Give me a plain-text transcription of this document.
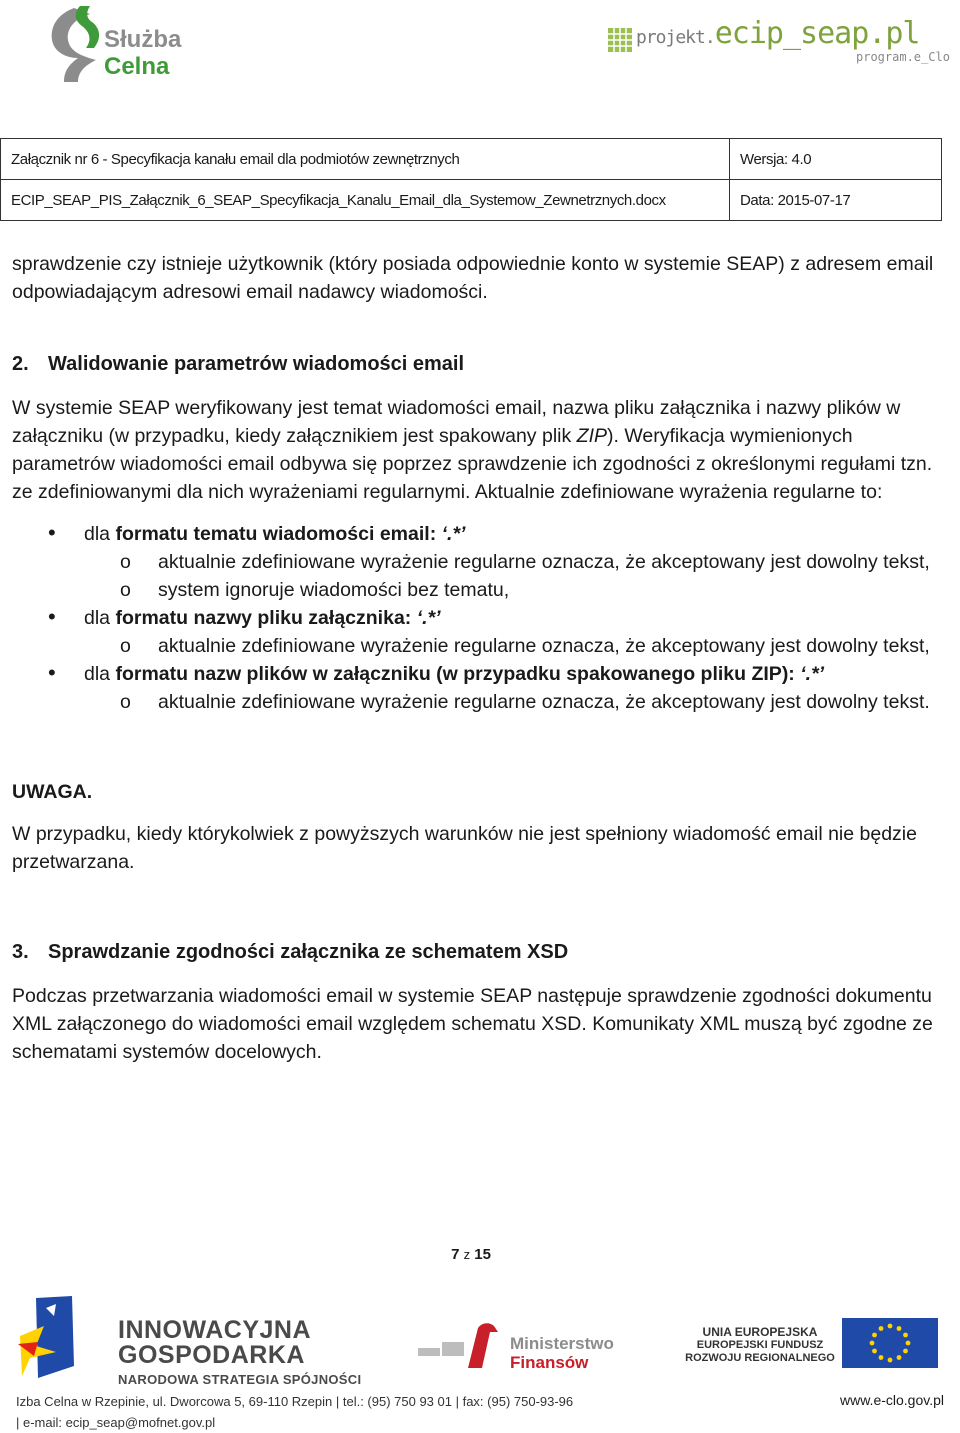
Służba
Celna
projekt.ecip_seap.pl
program.e_Clo
Załącznik nr 6 - Specyfikacja kanału email dla podmiotów zewnętrznych	Wersja: 4.0
ECIP_SEAP_PIS_Załącznik_6_SEAP_Specyfikacja_Kanalu_Email_dla_Systemow_Zewnetrznych.docx	Data: 2015-07-17

sprawdzenie czy istnieje użytkownik (który posiada odpowiednie konto w systemie SEAP) z adresem email odpowiadającym adresowi email nadawcy wiadomości.

2. Walidowanie parametrów wiadomości email

W systemie SEAP weryfikowany jest temat wiadomości email, nazwa pliku załącznika i nazwy plików w załączniku (w przypadku, kiedy załącznikiem jest spakowany plik ZIP). Weryfikacja wymienionych parametrów wiadomości email odbywa się poprzez sprawdzenie ich zgodności z określonymi regułami tzn. ze zdefiniowanymi dla nich wyrażeniami regularnymi. Aktualnie zdefiniowane wyrażenia regularne to:

• dla formatu tematu wiadomości email: ‘.*’
o aktualnie zdefiniowane wyrażenie regularne oznacza, że akceptowany jest dowolny tekst,
o system ignoruje wiadomości bez tematu,
• dla formatu nazwy pliku załącznika: ‘.*’
o aktualnie zdefiniowane wyrażenie regularne oznacza, że akceptowany jest dowolny tekst,
• dla formatu nazw plików w załączniku (w przypadku spakowanego pliku ZIP): ‘.*’
o aktualnie zdefiniowane wyrażenie regularne oznacza, że akceptowany jest dowolny tekst.

UWAGA.

W przypadku, kiedy którykolwiek z powyższych warunków nie jest spełniony wiadomość email nie będzie przetwarzana.

3. Sprawdzanie zgodności załącznika ze schematem XSD

Podczas przetwarzania wiadomości email w systemie SEAP następuje sprawdzenie zgodności dokumentu XML załączonego do wiadomości email względem schematu XSD. Komunikaty XML muszą być zgodne ze schematami systemów docelowych.

7 z 15
INNOWACYJNA
GOSPODARKA
NARODOWA STRATEGIA SPÓJNOŚCI
Ministerstwo
Finansów
UNIA EUROPEJSKA
EUROPEJSKI FUNDUSZ
ROZWOJU REGIONALNEGO
Izba Celna w Rzepinie, ul. Dworcowa 5, 69-110 Rzepin | tel.: (95) 750 93 01 | fax: (95) 750-93-96
| e-mail: ecip_seap@mofnet.gov.pl
www.e-clo.gov.pl
